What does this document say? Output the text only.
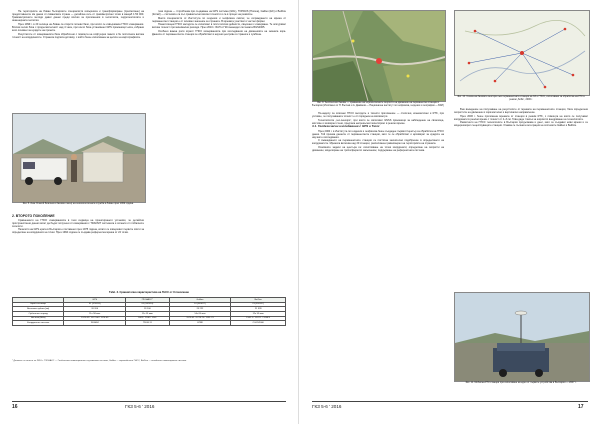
На територията на Ливан българските специалисти извършиха и трансформиране (пресмятане) на предоставените им данни от ливанската страна — детайлна сеть от гравиметрични точки в мащаб 1:50 000. Гравиметричните методи дават данни преди всичко за приложения в геологията, хидрогеологията и инженерната геология.

През 1999 г. в 20 селища на Ливан са открити полеви бази, при които се извършваха ГНСС измервания. Всички сесии бяха с продължителност над 4 часа, при което бяха установени GPS приемници Leica, избрани като основни за нуждите на проекта.

Резултатите от измерванията бяха обработени с помощта на софтуерни пакети и бе постигната висока точност на координатите. Страната подписа договор, с който беше използвана за целите на картографията.

Фиг. 5. Инж. Благой Благоев в базовия лагер на сеизмологичната служба в Ливан през 1999 година

2. ВТОРОТО ПОКОЛЕНИЕ

Сравнението на ГНСС измерванията в тази седмица на проектирането установи, че детайлни пространствени данни могат да бъдат получени от измервания с TRANSIT системата и сигнали от глобалните сателити.

Началото на GPS ерата в България е поставено през 1975 година, когато се извършват първите опити за определяне на координати на точки. През 1994 година се създава референтна мрежа от 24 точки.

тази година — 4 проблема при създаване на GPS система (GDL), TOPAVIS (Полша), Galileo (ЕС) и BeiDou (Китай) — системите са със сравнително високи точности и са в процес на развитие.

Много специалисти от Института по геодезия и геофизика смятат, че изграждането на мрежа от перманентни станции е от основно значение за страната. В мрежата участват и частни фирми.

Понастоящем ГНСС методите се използват в почти всички дейности, свързани с измерване. Те осигуряват висока точност при минимални разходи. През 2010 г. БАН и ГКК въвеждат системата BGS2005.

Особено важна роля играят ГНСС измерванията при изследвания на движенията на земната кора. Данните от перманентните станции се обработват в научни центрове в страната и чужбина.

Табл. 3. Сравнителна характеристика на ГНСС от II поколение
	GPS	ГЛОНАСС*	Galileo	BeiDou
Брой спътници	31 (37/6/24)	24 (24/0/24)	14 (30/0/27)	23 (35/0/27)
Височина орбити (км)	20 200	19 100	23 222	21 528
Орбитален период	11ч 58 мин	11ч 15 мин	14ч 05 мин	12ч 53 мин
Честоти (MHz)	1575.42 / 1227.60 / 1176.45	1602 / 1246 / 1202	1575.42 / 1278.75 / 1191.79	1561.1 / 1207.1 / 1268.5
Координатна система	WGS84	ПЗ-90.11	GTRF	CGCS2000
* Данните се отнасят за 2016 г. ГЛОНАСС — Глобальная навигационная спутниковая система, Galileo — европейската ГНСС, BeiDou — китайската навигационна система.
16	ГКЗ 5-6 ' 2016
Фиг. 9. Sentinel-ски бекове — сравнение на хоризонталните скорости на движение на перманентни станции в България (Изготвено от Н. Вълчев и А. Дамянов — Национален институт по геофизика, геодезия и география — БАН)
Фиг. 10. Схема на базовите вектори към перманентната станция на ЗЗ и ГНСС, използвани за обработка на РТК в режим „Sofia“, 2006 г.

По-надолу са описани ГНСС методите и тяхното приложение — статични, кинематични и RTK, при условие, че получаваната точност е от порядъка на милиметри.

Технологията „гео-сензори“, при които се използват GNSS приемници за наблюдение на свлачища, мостове и язовирни стени, предлага непрекъснат мониторинг в реално време.

3.1. Геодезически изследвания с GPS и Тюлс

През 2000 г. в Института по геодезия и геофизика беше създаден първият Център за обработка на ГНСС данни. Той приема данните от перманентните станции, като те се обработват и архивират за нуждите на научните изследвания.

С въвеждането на перманентните станции се постигна значително подобрение в определянето на координатите. Мрежата включва над 20 станции, разположени равномерно на територията на страната.

Основните задачи на центъра са: изчисляване на точни координати; определяне на скорости на движение; моделиране на тропосферното закъснение; поддържане на референтната система.

Във въведение на получаване на резултатите от мрежата на перманентните станции, бяха определени скоростите на движение в хоризонтално и вертикално направление.

През 2006 г. беше приложена мрежата от станции в режим RTK, с помощта на която се получават координати в реално време с точност от 2–3 см. Това даде тласък за широкото внедряване на технологията.

Развитието на ГНСС технологиите в България продължава и днес, като се създават нови мрежи и се модернизират съществуващите станции. Очаква се пълната интеграция на системите Galileo и BeiDou.

Фиг. 11. Мобилна РТК станция при използване на едно от първите устройства в България — 2007 г.
ГКЗ 5-6 ' 2016	17
